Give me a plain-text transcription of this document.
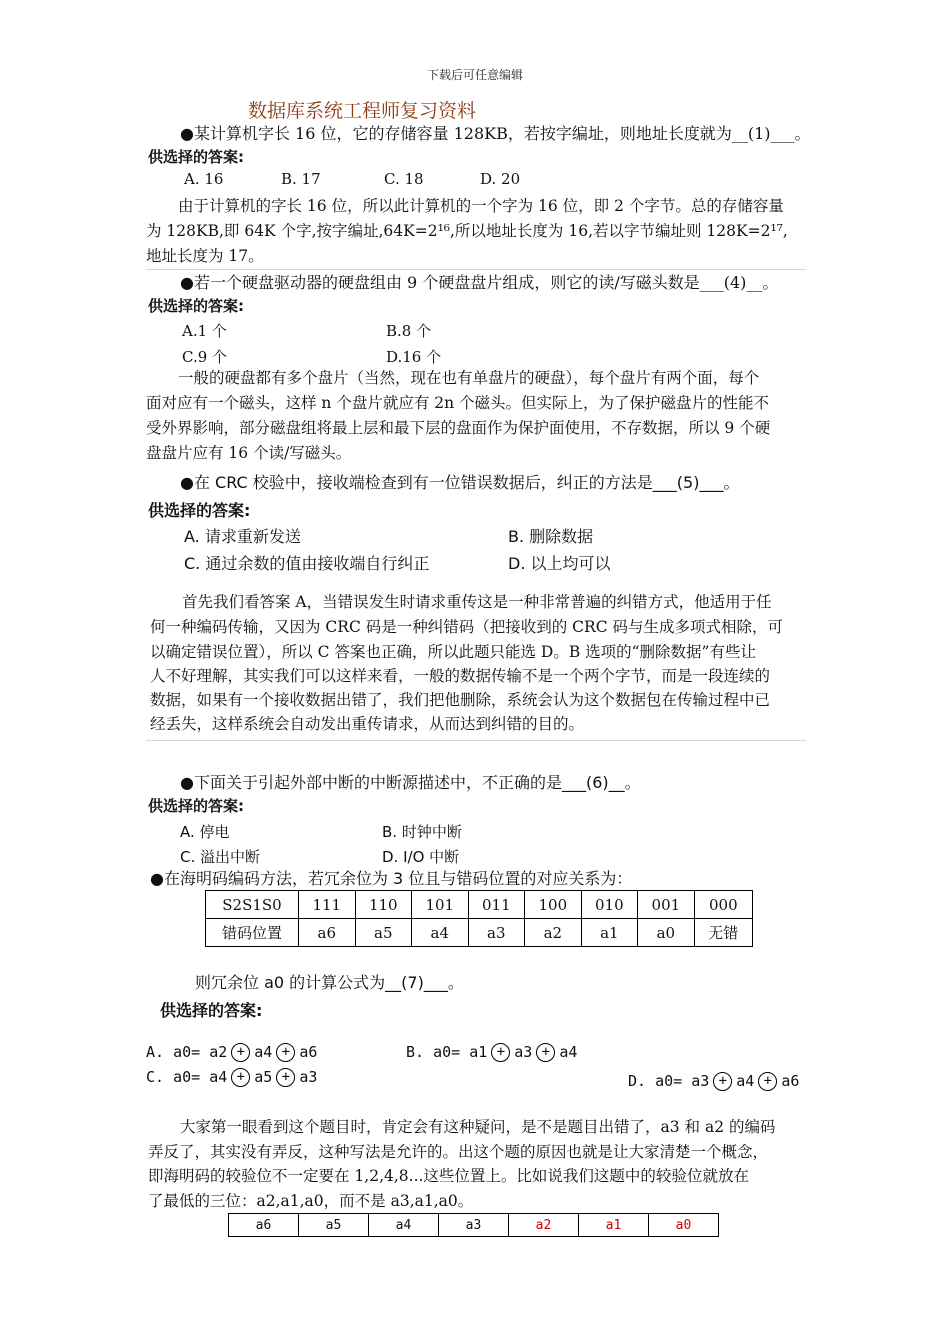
下载后可任意编辑
数据库系统工程师复习资料
●某计算机字长 16 位，它的存储容量 128KB，若按字编址，则地址长度就为__(1)___。
供选择的答案:
A. 16	B. 17	C. 18	D. 20
由于计算机的字长 16 位，所以此计算机的一个字为 16 位，即 2 个字节。总的存储容量
为 128KB,即 64K 个字,按字编址,64K=2¹⁶,所以地址长度为 16,若以字节编址则 128K=2¹⁷,
地址长度为 17。
●若一个硬盘驱动器的硬盘组由 9 个硬盘盘片组成，则它的读/写磁头数是___(4)__。
供选择的答案:
A.1 个	B.8 个
C.9 个	D.16 个
一般的硬盘都有多个盘片（当然，现在也有单盘片的硬盘），每个盘片有两个面，每个
面对应有一个磁头，这样 n 个盘片就应有 2n 个磁头。但实际上，为了保护磁盘片的性能不
受外界影响，部分磁盘组将最上层和最下层的盘面作为保护面使用，不存数据，所以 9 个硬
盘盘片应有 16 个读/写磁头。
●在 CRC 校验中，接收端检查到有一位错误数据后，纠正的方法是___(5)___。
供选择的答案:
A. 请求重新发送	B. 删除数据
C. 通过余数的值由接收端自行纠正	D. 以上均可以
首先我们看答案 A，当错误发生时请求重传这是一种非常普遍的纠错方式，他适用于任
何一种编码传输，又因为 CRC 码是一种纠错码（把接收到的 CRC 码与生成多项式相除，可
以确定错误位置），所以 C 答案也正确，所以此题只能选 D。B 选项的“删除数据”有些让
人不好理解，其实我们可以这样来看，一般的数据传输不是一个两个字节，而是一段连续的
数据，如果有一个接收数据出错了，我们把他删除，系统会认为这个数据包在传输过程中已
经丢失，这样系统会自动发出重传请求，从而达到纠错的目的。
●下面关于引起外部中断的中断源描述中，不正确的是___(6)__。
供选择的答案:
A. 停电	B. 时钟中断
C. 溢出中断	D. I/O 中断
●在海明码编码方法，若冗余位为 3 位且与错码位置的对应关系为：
S2S1S0	111	110	101	011	100	010	001	000
错码位置	a6	a5	a4	a3	a2	a1	a0	无错
则冗余位 a0 的计算公式为__(7)___。
供选择的答案:
A. a0= a2 + a4 + a6	B. a0= a1 + a3 + a4
C. a0= a4 + a5 + a3	D. a0= a3 + a4 + a6
大家第一眼看到这个题目时，肯定会有这种疑问，是不是题目出错了，a3 和 a2 的编码
弄反了，其实没有弄反，这种写法是允许的。出这个题的原因也就是让大家清楚一个概念，
即海明码的较验位不一定要在 1,2,4,8...这些位置上。比如说我们这题中的较验位就放在
了最低的三位：a2,a1,a0，而不是 a3,a1,a0。
a6	a5	a4	a3	a2	a1	a0
